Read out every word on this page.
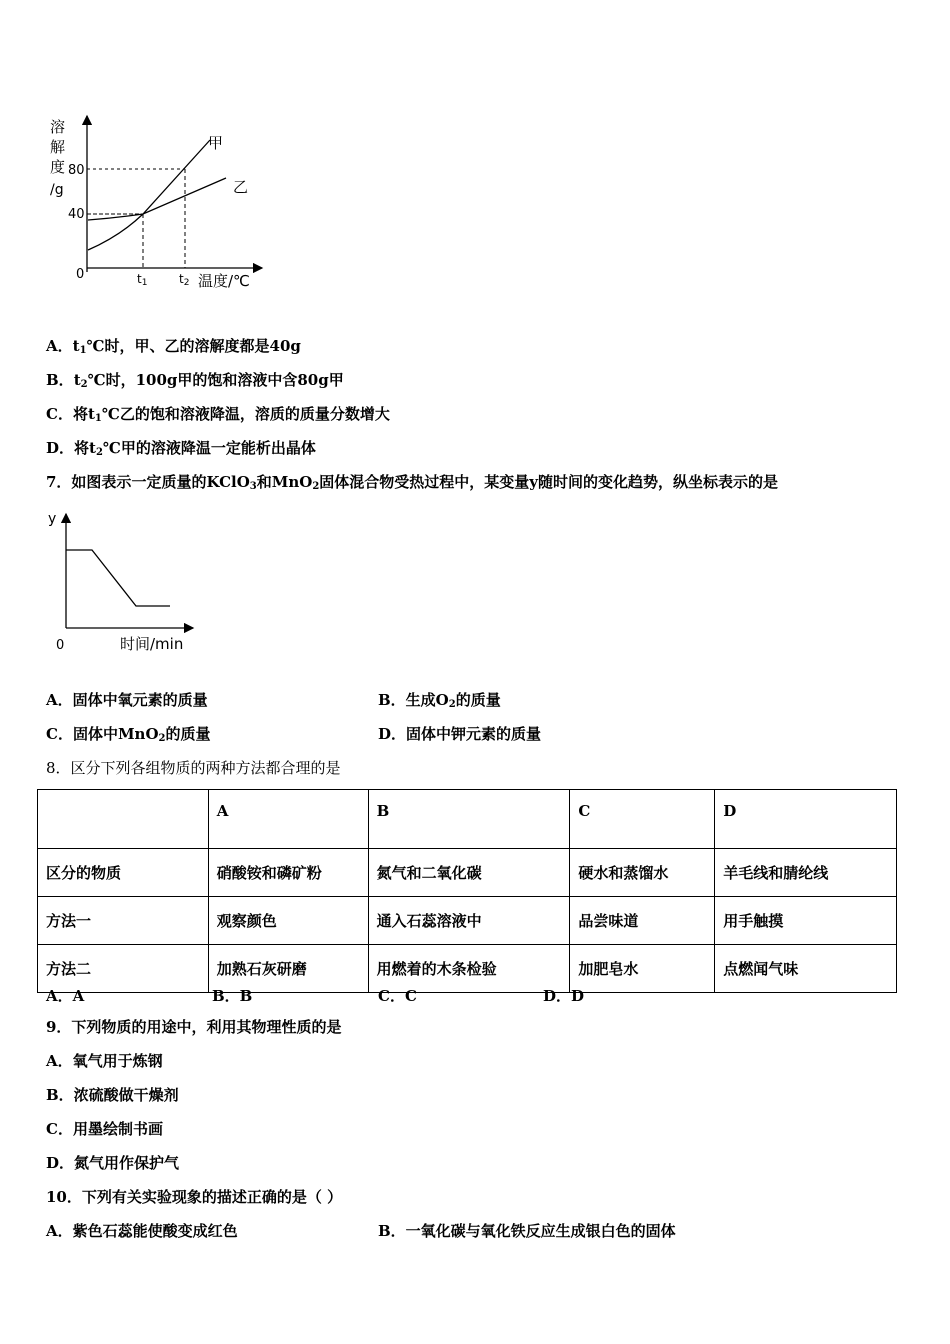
溶
解
度
/g
80
40
0
甲
乙
t1	t2 温度/℃
A．$t_1℃$时，甲、乙的溶解度都是40g
B．$t_2℃$时，100g甲的饱和溶液中含80g甲
C．将$t_1℃$乙的饱和溶液降温，溶质的质量分数增大
D．将$t_2℃$甲的溶液降温一定能析出晶体
7．如图表示一定质量的KClO$_3$和MnO$_2$固体混合物受热过程中，某变量y随时间的变化趋势，纵坐标表示的是
y
0	时间/min
A．固体中氧元素的质量	B．生成$O_2$的质量
C．固体中MnO$_2$的质量	D．固体中钾元素的质量
8．区分下列各组物质的两种方法都合理的是
	A	B	C	D
区分的物质	硝酸铵和磷矿粉	氮气和二氧化碳	硬水和蒸馏水	羊毛线和腈纶线
方法一	观察颜色	通入石蕊溶液中	品尝味道	用手触摸
方法二	加熟石灰研磨	用燃着的木条检验	加肥皂水	点燃闻气味
A．A	B．B	C．C	D．D
9．下列物质的用途中，利用其物理性质的是
A．氧气用于炼钢
B．浓硫酸做干燥剂
C．用墨绘制书画
D．氮气用作保护气
10．下列有关实验现象的描述正确的是（ ）
A．紫色石蕊能使酸变成红色	B．一氧化碳与氧化铁反应生成银白色的固体
